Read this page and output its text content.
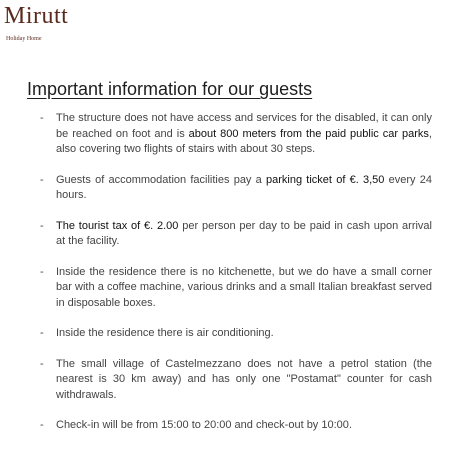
Mirutt
Holiday Home
Important information for our guests
- The structure does not have access and services for the disabled, it can only be reached on foot and is about 800 meters from the paid public car parks, also covering two flights of stairs with about 30 steps.
- Guests of accommodation facilities pay a parking ticket of €. 3,50 every 24 hours.
- The tourist tax of €. 2.00 per person per day to be paid in cash upon arrival at the facility.
- Inside the residence there is no kitchenette, but we do have a small corner bar with a coffee machine, various drinks and a small Italian breakfast served in disposable boxes.
- Inside the residence there is air conditioning.
- The small village of Castelmezzano does not have a petrol station (the nearest is 30 km away) and has only one "Postamat" counter for cash withdrawals.
- Check-in will be from 15:00 to 20:00 and check-out by 10:00.
